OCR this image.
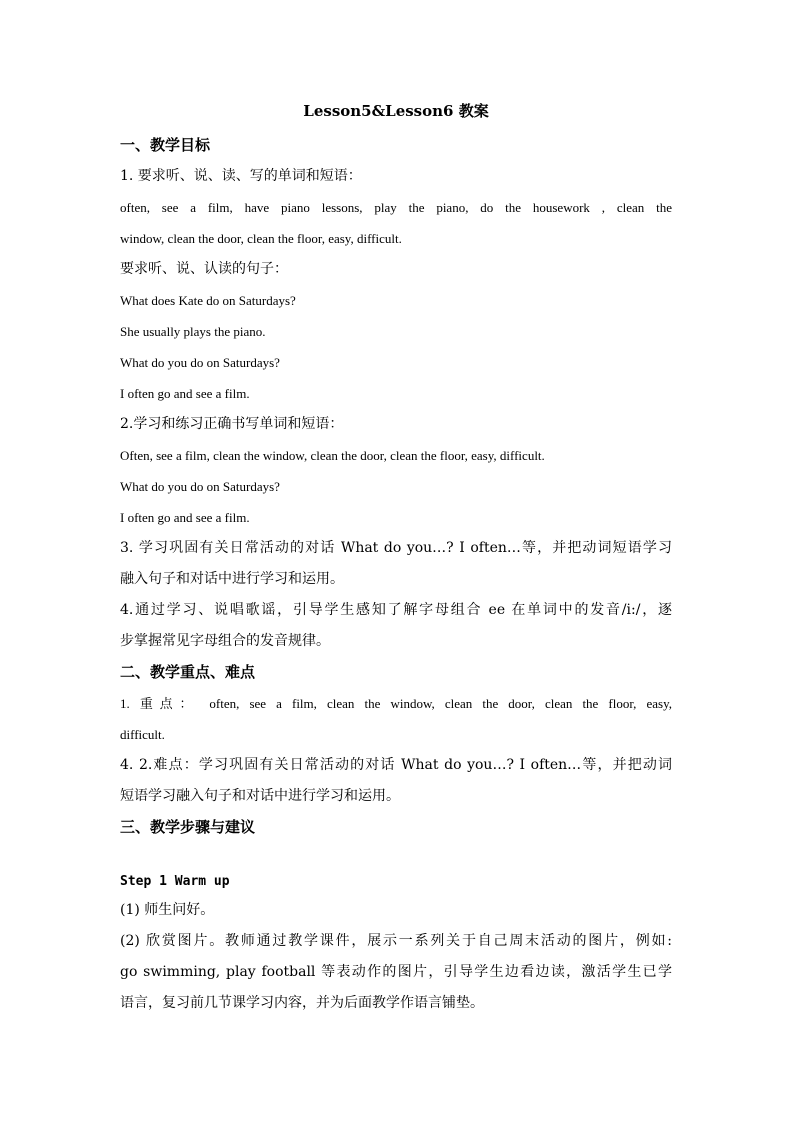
Lesson5&Lesson6 教案
一、教学目标
1. 要求听、说、读、写的单词和短语：
often, see a film, have piano lessons, play the piano, do the housework , clean the
window, clean the door, clean the floor, easy, difficult.
要求听、说、认读的句子：
What does Kate do on Saturdays?
She usually plays the piano.
What do you do on Saturdays?
I often go and see a film.
2.学习和练习正确书写单词和短语：
Often, see a film, clean the window, clean the door, clean the floor, easy, difficult.
What do you do on Saturdays?
I often go and see a film.
3. 学习巩固有关日常活动的对话 What do you…? I often…等，并把动词短语学习
融入句子和对话中进行学习和运用。
4.通过学习、说唱歌谣，引导学生感知了解字母组合 ee 在单词中的发音/i:/，逐
步掌握常见字母组合的发音规律。
二、教学重点、难点
1. 重点： often, see a film, clean the window, clean the door, clean the floor, easy,
difficult.
4. 2.难点：学习巩固有关日常活动的对话 What do you…? I often…等，并把动词
短语学习融入句子和对话中进行学习和运用。
三、教学步骤与建议
Step 1 Warm up
(1) 师生问好。
(2) 欣赏图片。教师通过教学课件，展示一系列关于自己周末活动的图片，例如:
go swimming, play football 等表动作的图片，引导学生边看边读，激活学生已学
语言，复习前几节课学习内容，并为后面教学作语言铺垫。
